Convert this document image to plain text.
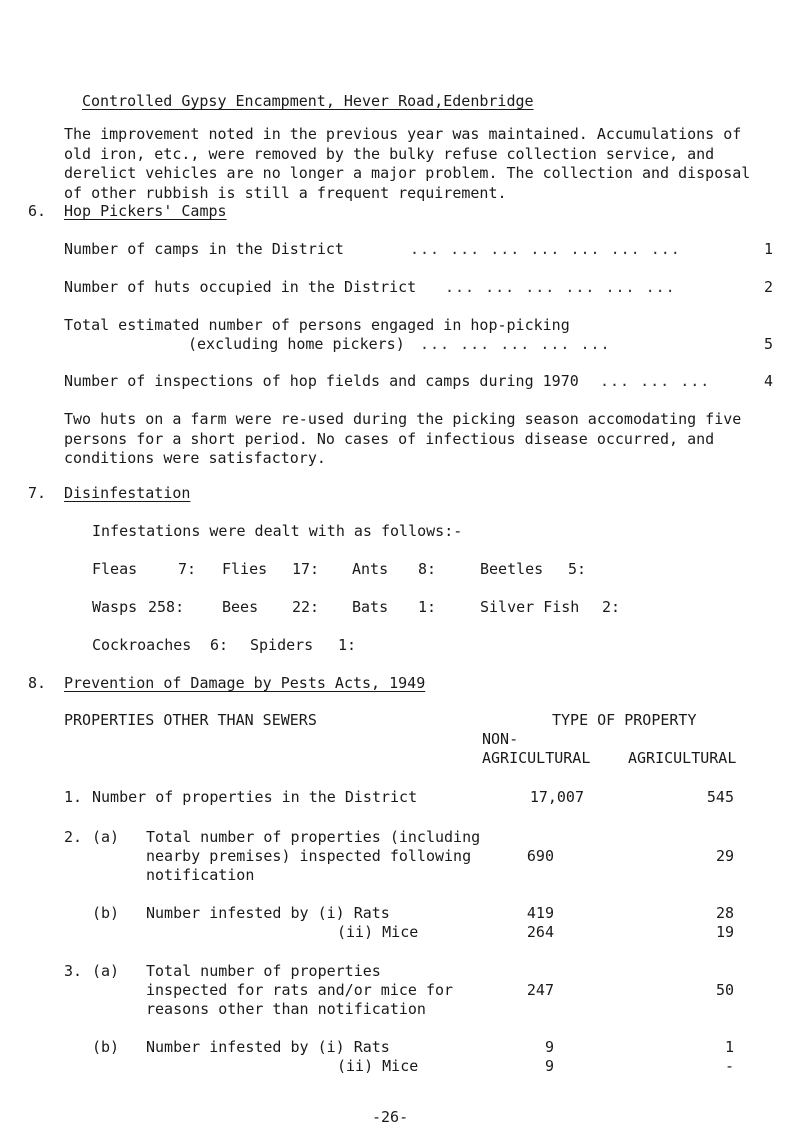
Controlled Gypsy Encampment, Hever Road,Edenbridge
The improvement noted in the previous year was maintained. Accumulations of old iron, etc., were removed by the bulky refuse collection service, and derelict vehicles are no longer a major problem. The collection and disposal of other rubbish is still a frequent requirement.
6. Hop Pickers' Camps
Number of camps in the District	... ... ... ... ... ... ...	1
Number of huts occupied in the District ... ... ... ... ... ...	2
Total estimated number of persons engaged in hop-picking
(excluding home pickers) ... ... ... ... ...	5
Number of inspections of hop fields and camps during 1970 ... ... ...	4
Two huts on a farm were re-used during the picking season accomodating five persons for a short period. No cases of infectious disease occurred, and conditions were satisfactory.
7. Disinfestation
Infestations were dealt with as follows:-
Fleas	7: Flies 17: Ants 8:	Beetles 5:
Wasps 258:	Bees 22: Bats 1:	Silver Fish 2:
Cockroaches 6: Spiders 1:
8. Prevention of Damage by Pests Acts, 1949
PROPERTIES OTHER THAN SEWERS	TYPE OF PROPERTY
NON-
AGRICULTURAL	AGRICULTURAL
1. Number of properties in the District	17,007	545
2. (a) Total number of properties (including
nearby premises) inspected following
notification
690	29
(b) Number infested by (i) Rats	419	28
(ii) Mice	264	19
3. (a) Total number of properties
inspected for rats and/or mice for
reasons other than notification
247	50
(b) Number infested by (i) Rats	9	1
(ii) Mice	9	-
-26-
